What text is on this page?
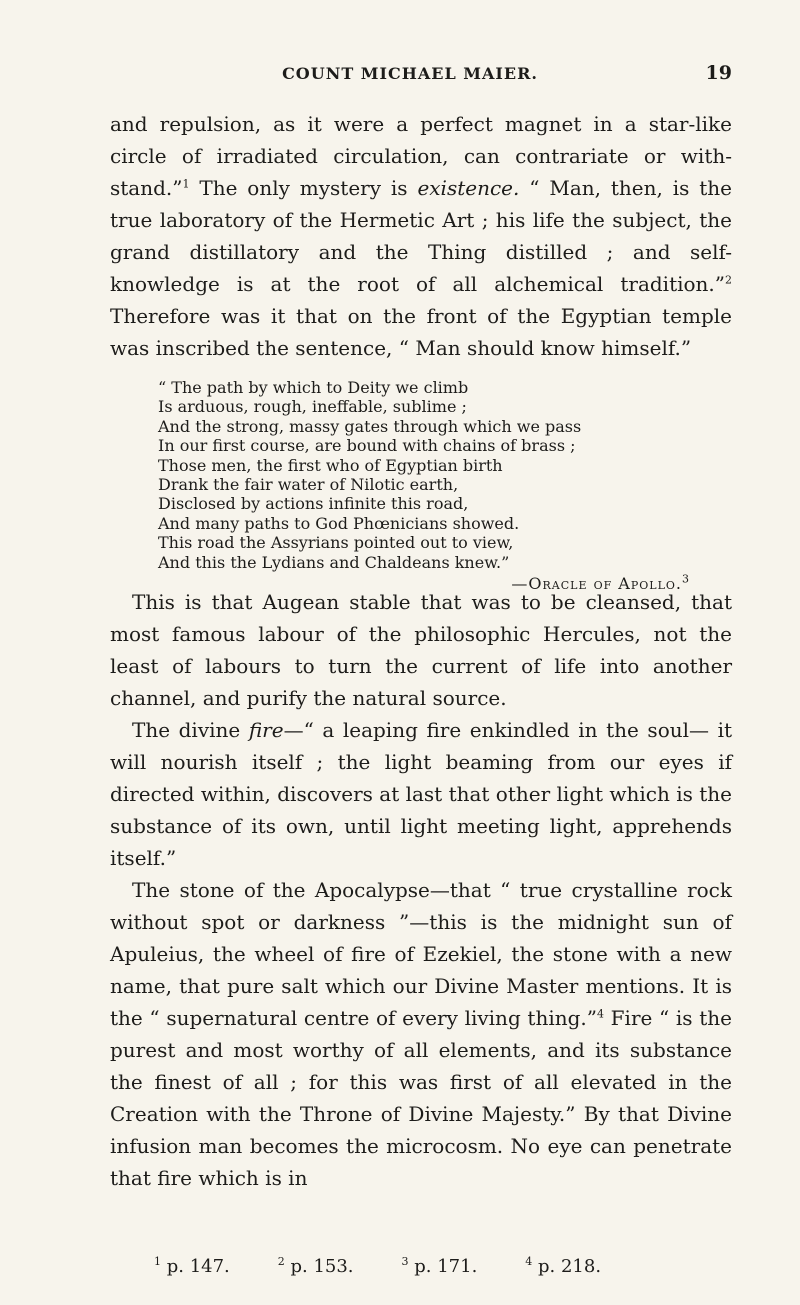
COUNT MICHAEL MAIER.	19

and repulsion, as it were a perfect magnet in a star-like circle of irradiated circulation, can contrariate or with-stand.”$^1$ The only mystery is existence. “ Man, then, is the true laboratory of the Hermetic Art ; his life the subject, the grand distillatory and the Thing distilled ; and self-knowledge is at the root of all alchemical tradition.”$^2$ Therefore was it that on the front of the Egyptian temple was inscribed the sentence, “ Man should know himself.”

“ The path by which to Deity we climb
Is arduous, rough, ineffable, sublime ;
And the strong, massy gates through which we pass
In our first course, are bound with chains of brass ;
Those men, the first who of Egyptian birth
Drank the fair water of Nilotic earth,
Disclosed by actions infinite this road,
And many paths to God Phœnicians showed.
This road the Assyrians pointed out to view,
And this the Lydians and Chaldeans knew.”
—Oracle of Apollo.$^3$

This is that Augean stable that was to be cleansed, that most famous labour of the philosophic Hercules, not the least of labours to turn the current of life into another channel, and purify the natural source.

The divine fire—“ a leaping fire enkindled in the soul— it will nourish itself ; the light beaming from our eyes if directed within, discovers at last that other light which is the substance of its own, until light meeting light, apprehends itself.”

The stone of the Apocalypse—that “ true crystalline rock without spot or darkness ”—this is the midnight sun of Apuleius, the wheel of fire of Ezekiel, the stone with a new name, that pure salt which our Divine Master mentions. It is the “ supernatural centre of every living thing.”$^4$ Fire “ is the purest and most worthy of all elements, and its substance the finest of all ; for this was first of all elevated in the Creation with the Throne of Divine Majesty.” By that Divine infusion man becomes the microcosm. No eye can penetrate that fire which is in

$^1$ p. 147.	$^2$ p. 153.	$^3$ p. 171.	$^4$ p. 218.
